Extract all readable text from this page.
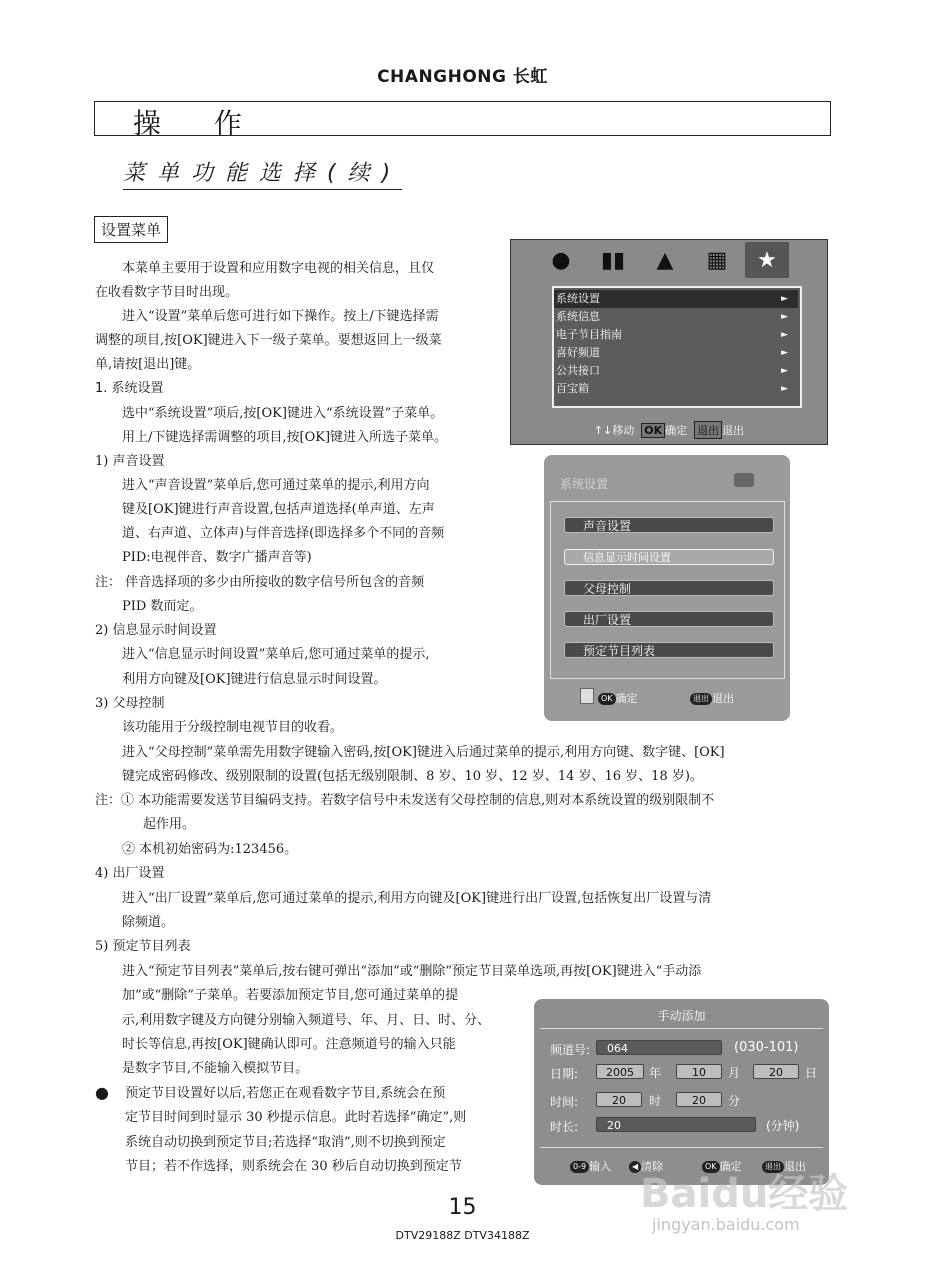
CHANGHONG 长虹
操 作
菜单功能选择(续)
设置菜单
本菜单主要用于设置和应用数字电视的相关信息，且仅
在收看数字节目时出现。
进入“设置”菜单后您可进行如下操作。按上/下键选择需
调整的项目,按[OK]键进入下一级子菜单。要想返回上一级菜
单,请按[退出]键。
1. 系统设置
选中“系统设置”项后,按[OK]键进入“系统设置”子菜单。
用上/下键选择需调整的项目,按[OK]键进入所选子菜单。
1) 声音设置
进入“声音设置”菜单后,您可通过菜单的提示,利用方向
键及[OK]键进行声音设置,包括声道选择(单声道、左声
道、右声道、立体声)与伴音选择(即选择多个不同的音频
PID:电视伴音、数字广播声音等)
注： 伴音选择项的多少由所接收的数字信号所包含的音频
PID 数而定。
2) 信息显示时间设置
进入“信息显示时间设置”菜单后,您可通过菜单的提示,
利用方向键及[OK]键进行信息显示时间设置。
3) 父母控制
该功能用于分级控制电视节目的收看。
进入“父母控制”菜单需先用数字键输入密码,按[OK]键进入后通过菜单的提示,利用方向键、数字键、[OK]
键完成密码修改、级别限制的设置(包括无级别限制、8 岁、10 岁、12 岁、14 岁、16 岁、18 岁)。
注：① 本功能需要发送节目编码支持。若数字信号中未发送有父母控制的信息,则对本系统设置的级别限制不
起作用。
② 本机初始密码为:123456。
4) 出厂设置
进入“出厂设置”菜单后,您可通过菜单的提示,利用方向键及[OK]键进行出厂设置,包括恢复出厂设置与清
除频道。
5) 预定节目列表
进入“预定节目列表”菜单后,按右键可弹出“添加”或“删除”预定节目菜单选项,再按[OK]键进入“手动添
加”或“删除”子菜单。若要添加预定节目,您可通过菜单的提
示,利用数字键及方向键分别输入频道号、年、月、日、时、分、
时长等信息,再按[OK]键确认即可。注意频道号的输入只能
是数字节目,不能输入模拟节目。
● 预定节目设置好以后,若您正在观看数字节目,系统会在预
定节目时间到时显示 30 秒提示信息。此时若选择“确定”,则
系统自动切换到预定节目;若选择“取消”,则不切换到预定
节目；若不作选择，则系统会在 30 秒后自动切换到预定节
●	▮▮	▲	▦	★
系统设置	►
系统信息	►
电子节目指南	►
喜好频道	►
公共接口	►
百宝箱	►
↑↓移动 OK 确定 退出 退出
系统设置
声音设置
信息显示时间设置
父母控制
出厂设置
预定节目列表
OK 确定	退出 退出
手动添加
频道号:	064	(030-101)
日期:	2005	年	10	月	20	日
时间:	20	时	20	分
时长:	20	(分钟)
0-9 输入	◀ 清除	OK 确定	退出 退出
15
DTV29188Z DTV34188Z
Baidu经验
jingyan.baidu.com
